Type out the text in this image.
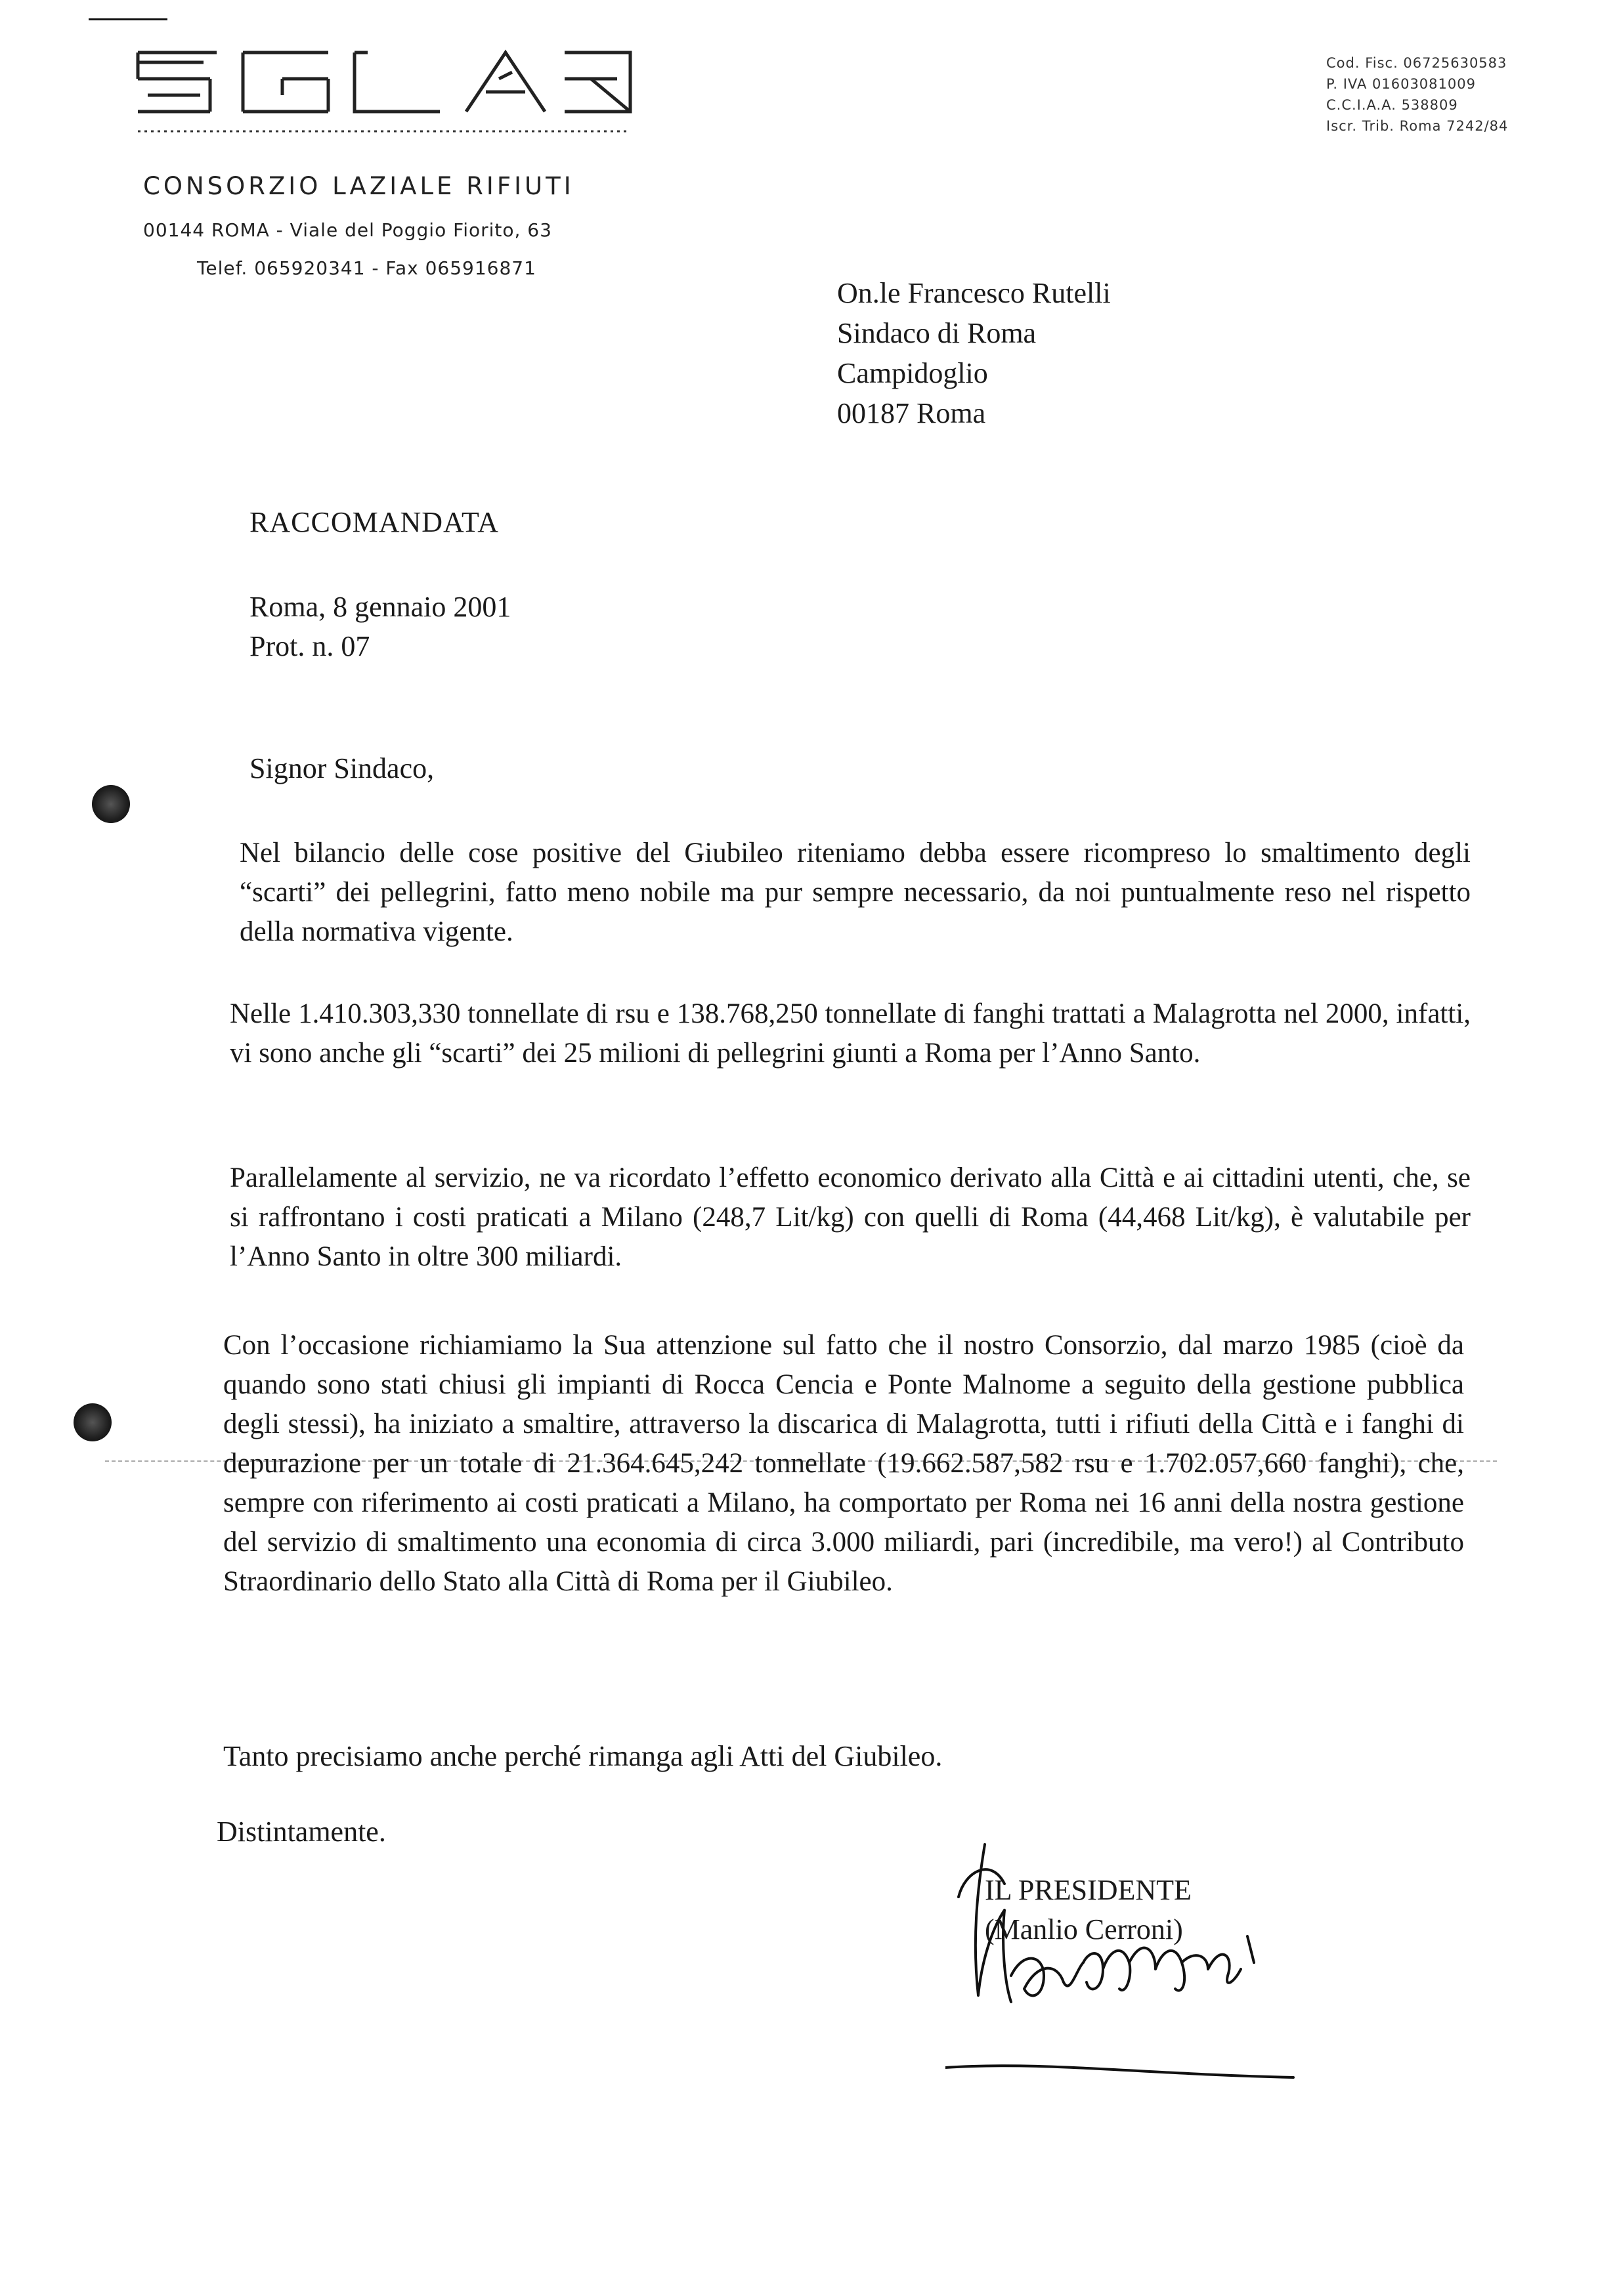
CONSORZIO LAZIALE RIFIUTI
00144 ROMA - Viale del Poggio Fiorito, 63
Telef. 065920341 - Fax 065916871
Cod. Fisc. 06725630583
P. IVA 01603081009
C.C.I.A.A. 538809
Iscr. Trib. Roma 7242/84
On.le Francesco Rutelli
Sindaco di Roma
Campidoglio
00187 Roma
RACCOMANDATA
Roma, 8 gennaio 2001
Prot. n. 07
Signor Sindaco,

Nel bilancio delle cose positive del Giubileo riteniamo debba essere ricompreso lo smaltimento degli “scarti” dei pellegrini, fatto meno nobile ma pur sempre necessario, da noi puntualmente reso nel rispetto della normativa vigente.

Nelle 1.410.303,330 tonnellate di rsu e 138.768,250 tonnellate di fanghi trattati a Malagrotta nel 2000, infatti, vi sono anche gli “scarti” dei 25 milioni di pellegrini giunti a Roma per l’Anno Santo.

Parallelamente al servizio, ne va ricordato l’effetto economico derivato alla Città e ai cittadini utenti, che, se si raffrontano i costi praticati a Milano (248,7 Lit/kg) con quelli di Roma (44,468 Lit/kg), è valutabile per l’Anno Santo in oltre 300 miliardi.

Con l’occasione richiamiamo la Sua attenzione sul fatto che il nostro Consorzio, dal marzo 1985 (cioè da quando sono stati chiusi gli impianti di Rocca Cencia e Ponte Malnome a seguito della gestione pubblica degli stessi), ha iniziato a smaltire, attraverso la discarica di Malagrotta, tutti i rifiuti della Città e i fanghi di depurazione per un totale di 21.364.645,242 tonnellate (19.662.587,582 rsu e 1.702.057,660 fanghi), che, sempre con riferimento ai costi praticati a Milano, ha comportato per Roma nei 16 anni della nostra gestione del servizio di smaltimento una economia di circa 3.000 miliardi, pari (incredibile, ma vero!) al Contributo Straordinario dello Stato alla Città di Roma per il Giubileo.

Tanto precisiamo anche perché rimanga agli Atti del Giubileo.
Distintamente.
IL PRESIDENTE
(Manlio Cerroni)
